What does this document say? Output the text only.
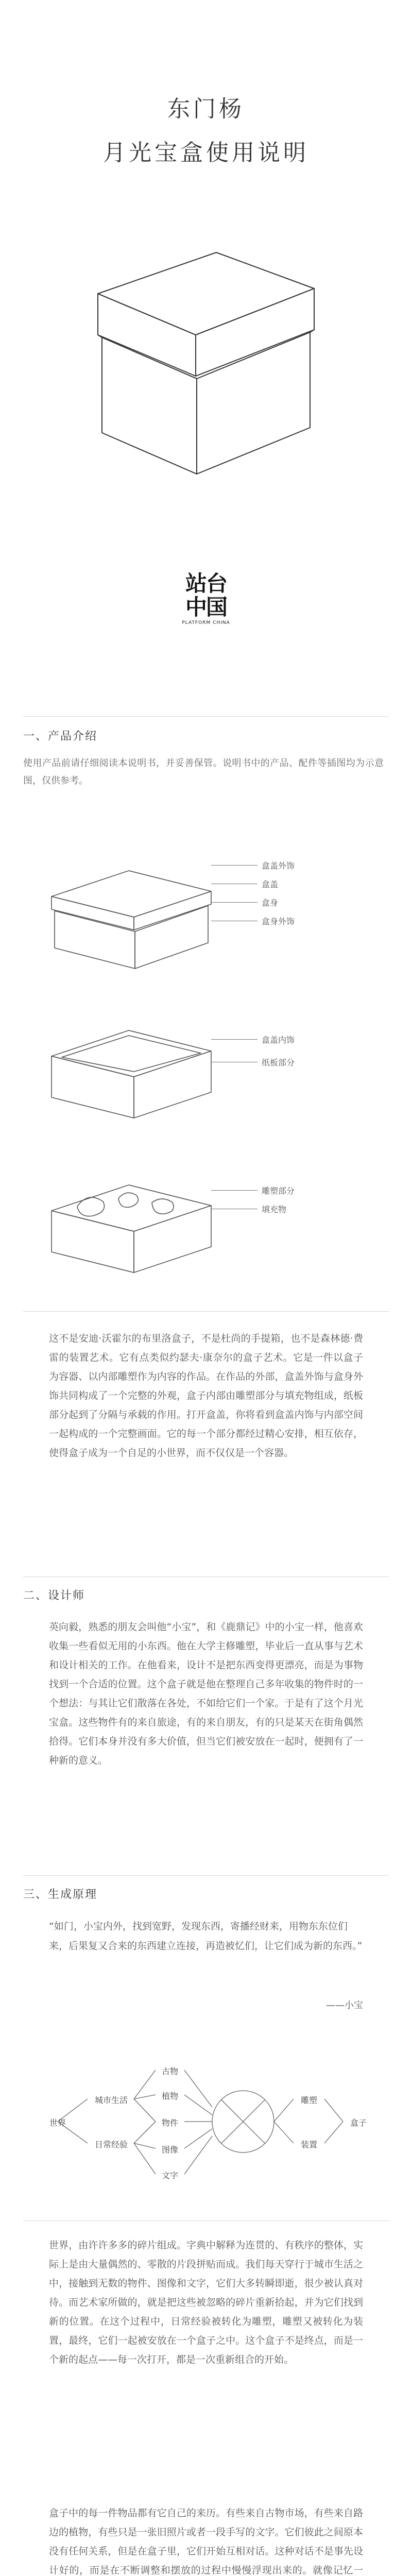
东门杨
月光宝盒使用说明
站台中国
PLATFORM CHINA
一、产品介绍
使用产品前请仔细阅读本说明书，并妥善保管。说明书中的产品、配件等插图均为示意图，仅供参考。
盒盖外饰
盒盖
盒身
盒身外饰
盒盖内饰
纸板部分
雕塑部分
填充物
这不是安迪·沃霍尔的布里洛盒子，不是杜尚的手提箱，也不是森林德·费雷的装置艺术。它有点类似约瑟夫·康奈尔的盒子艺术。它是一件以盒子为容器、以内部雕塑作为内容的作品。在作品的外部，盒盖外饰与盒身外饰共同构成了一个完整的外观，盒子内部由雕塑部分与填充物组成，纸板部分起到了分隔与承载的作用。打开盒盖，你将看到盒盖内饰与内部空间一起构成的一个完整画面。它的每一个部分都经过精心安排，相互依存，使得盒子成为一个自足的小世界，而不仅仅是一个容器。
二、设计师
英向毅，熟悉的朋友会叫他“小宝”，和《鹿鼎记》中的小宝一样，他喜欢收集一些看似无用的小东西。他在大学主修雕塑，毕业后一直从事与艺术和设计相关的工作。在他看来，设计不是把东西变得更漂亮，而是为事物找到一个合适的位置。这个盒子就是他在整理自己多年收集的物件时的一个想法：与其让它们散落在各处，不如给它们一个家。于是有了这个月光宝盒。这些物件有的来自旅途，有的来自朋友，有的只是某天在街角偶然拾得。它们本身并没有多大价值，但当它们被安放在一起时，便拥有了一种新的意义。
三、生成原理
“如门，小宝内外，找到宽野，发现东西，寄播经财来，用物东东位们来，后果复又合来的东西建立连接，再造被忆们，让它们成为新的东西。”
——小宝
世界
城市生活
日常经验
古物
植物
物件
图像
文字
雕塑
装置
盒子
世界，由许许多多的碎片组成。字典中解释为连贯的、有秩序的整体，实际上是由大量偶然的、零散的片段拼贴而成。我们每天穿行于城市生活之中，接触到无数的物件、图像和文字，它们大多转瞬即逝，很少被认真对待。而艺术家所做的，就是把这些被忽略的碎片重新拾起，并为它们找到新的位置。在这个过程中，日常经验被转化为雕塑，雕塑又被转化为装置，最终，它们一起被安放在一个盒子之中。这个盒子不是终点，而是一个新的起点——每一次打开，都是一次重新组合的开始。
盒子中的每一件物品都有它自己的来历。有些来自古物市场，有些来自路边的植物，有些只是一张旧照片或者一段手写的文字。它们彼此之间原本没有任何关系，但是在盒子里，它们开始互相对话。这种对话不是事先设计好的，而是在不断调整和摆放的过程中慢慢浮现出来的。就像记忆一
